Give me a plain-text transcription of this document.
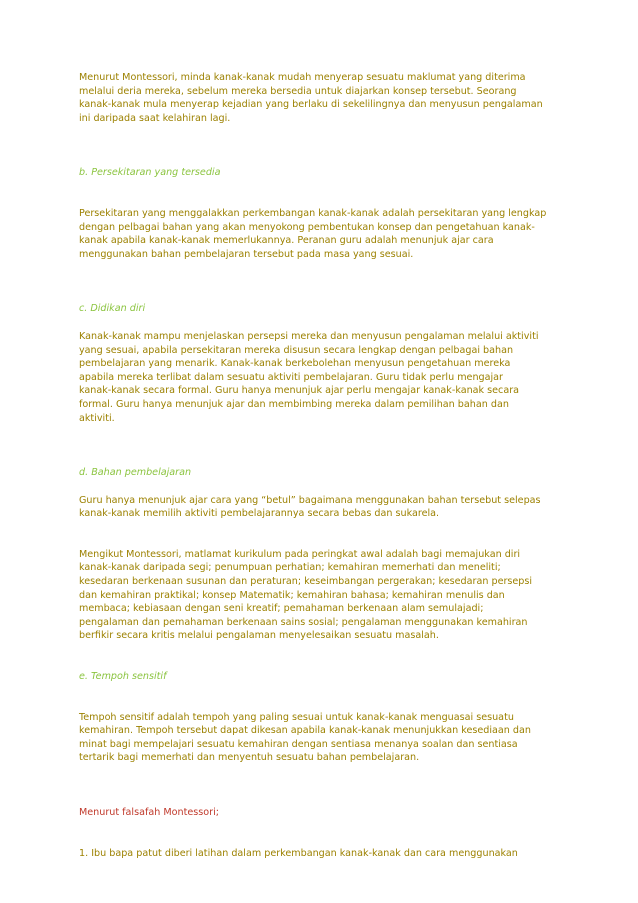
Menurut Montessori, minda kanak-kanak mudah menyerap sesuatu maklumat yang diterima

melalui deria mereka, sebelum mereka bersedia untuk diajarkan konsep tersebut. Seorang

kanak-kanak mula menyerap kejadian yang berlaku di sekelilingnya dan menyusun pengalaman

ini daripada saat kelahiran lagi.

b. Persekitaran yang tersedia

Persekitaran yang menggalakkan perkembangan kanak-kanak adalah persekitaran yang lengkap

dengan pelbagai bahan yang akan menyokong pembentukan konsep dan pengetahuan kanak-

kanak apabila kanak-kanak memerlukannya. Peranan guru adalah menunjuk ajar cara

menggunakan bahan pembelajaran tersebut pada masa yang sesuai.

c. Didikan diri

Kanak-kanak mampu menjelaskan persepsi mereka dan menyusun pengalaman melalui aktiviti

yang sesuai, apabila persekitaran mereka disusun secara lengkap dengan pelbagai bahan

pembelajaran yang menarik. Kanak-kanak berkebolehan menyusun pengetahuan mereka

apabila mereka terlibat dalam sesuatu aktiviti pembelajaran. Guru tidak perlu mengajar

kanak-kanak secara formal. Guru hanya menunjuk ajar perlu mengajar kanak-kanak secara

formal. Guru hanya menunjuk ajar dan membimbing mereka dalam pemilihan bahan dan

aktiviti.

d. Bahan pembelajaran

Guru hanya menunjuk ajar cara yang “betul” bagaimana menggunakan bahan tersebut selepas

kanak-kanak memilih aktiviti pembelajarannya secara bebas dan sukarela.

Mengikut Montessori, matlamat kurikulum pada peringkat awal adalah bagi memajukan diri

kanak-kanak daripada segi; penumpuan perhatian; kemahiran memerhati dan meneliti;

kesedaran berkenaan susunan dan peraturan; keseimbangan pergerakan; kesedaran persepsi

dan kemahiran praktikal; konsep Matematik; kemahiran bahasa; kemahiran menulis dan

membaca; kebiasaan dengan seni kreatif; pemahaman berkenaan alam semulajadi;

pengalaman dan pemahaman berkenaan sains sosial; pengalaman menggunakan kemahiran

berfikir secara kritis melalui pengalaman menyelesaikan sesuatu masalah.

e. Tempoh sensitif

Tempoh sensitif adalah tempoh yang paling sesuai untuk kanak-kanak menguasai sesuatu

kemahiran. Tempoh tersebut dapat dikesan apabila kanak-kanak menunjukkan kesediaan dan

minat bagi mempelajari sesuatu kemahiran dengan sentiasa menanya soalan dan sentiasa

tertarik bagi memerhati dan menyentuh sesuatu bahan pembelajaran.

Menurut falsafah Montessori;

1. Ibu bapa patut diberi latihan dalam perkembangan kanak-kanak dan cara menggunakan
